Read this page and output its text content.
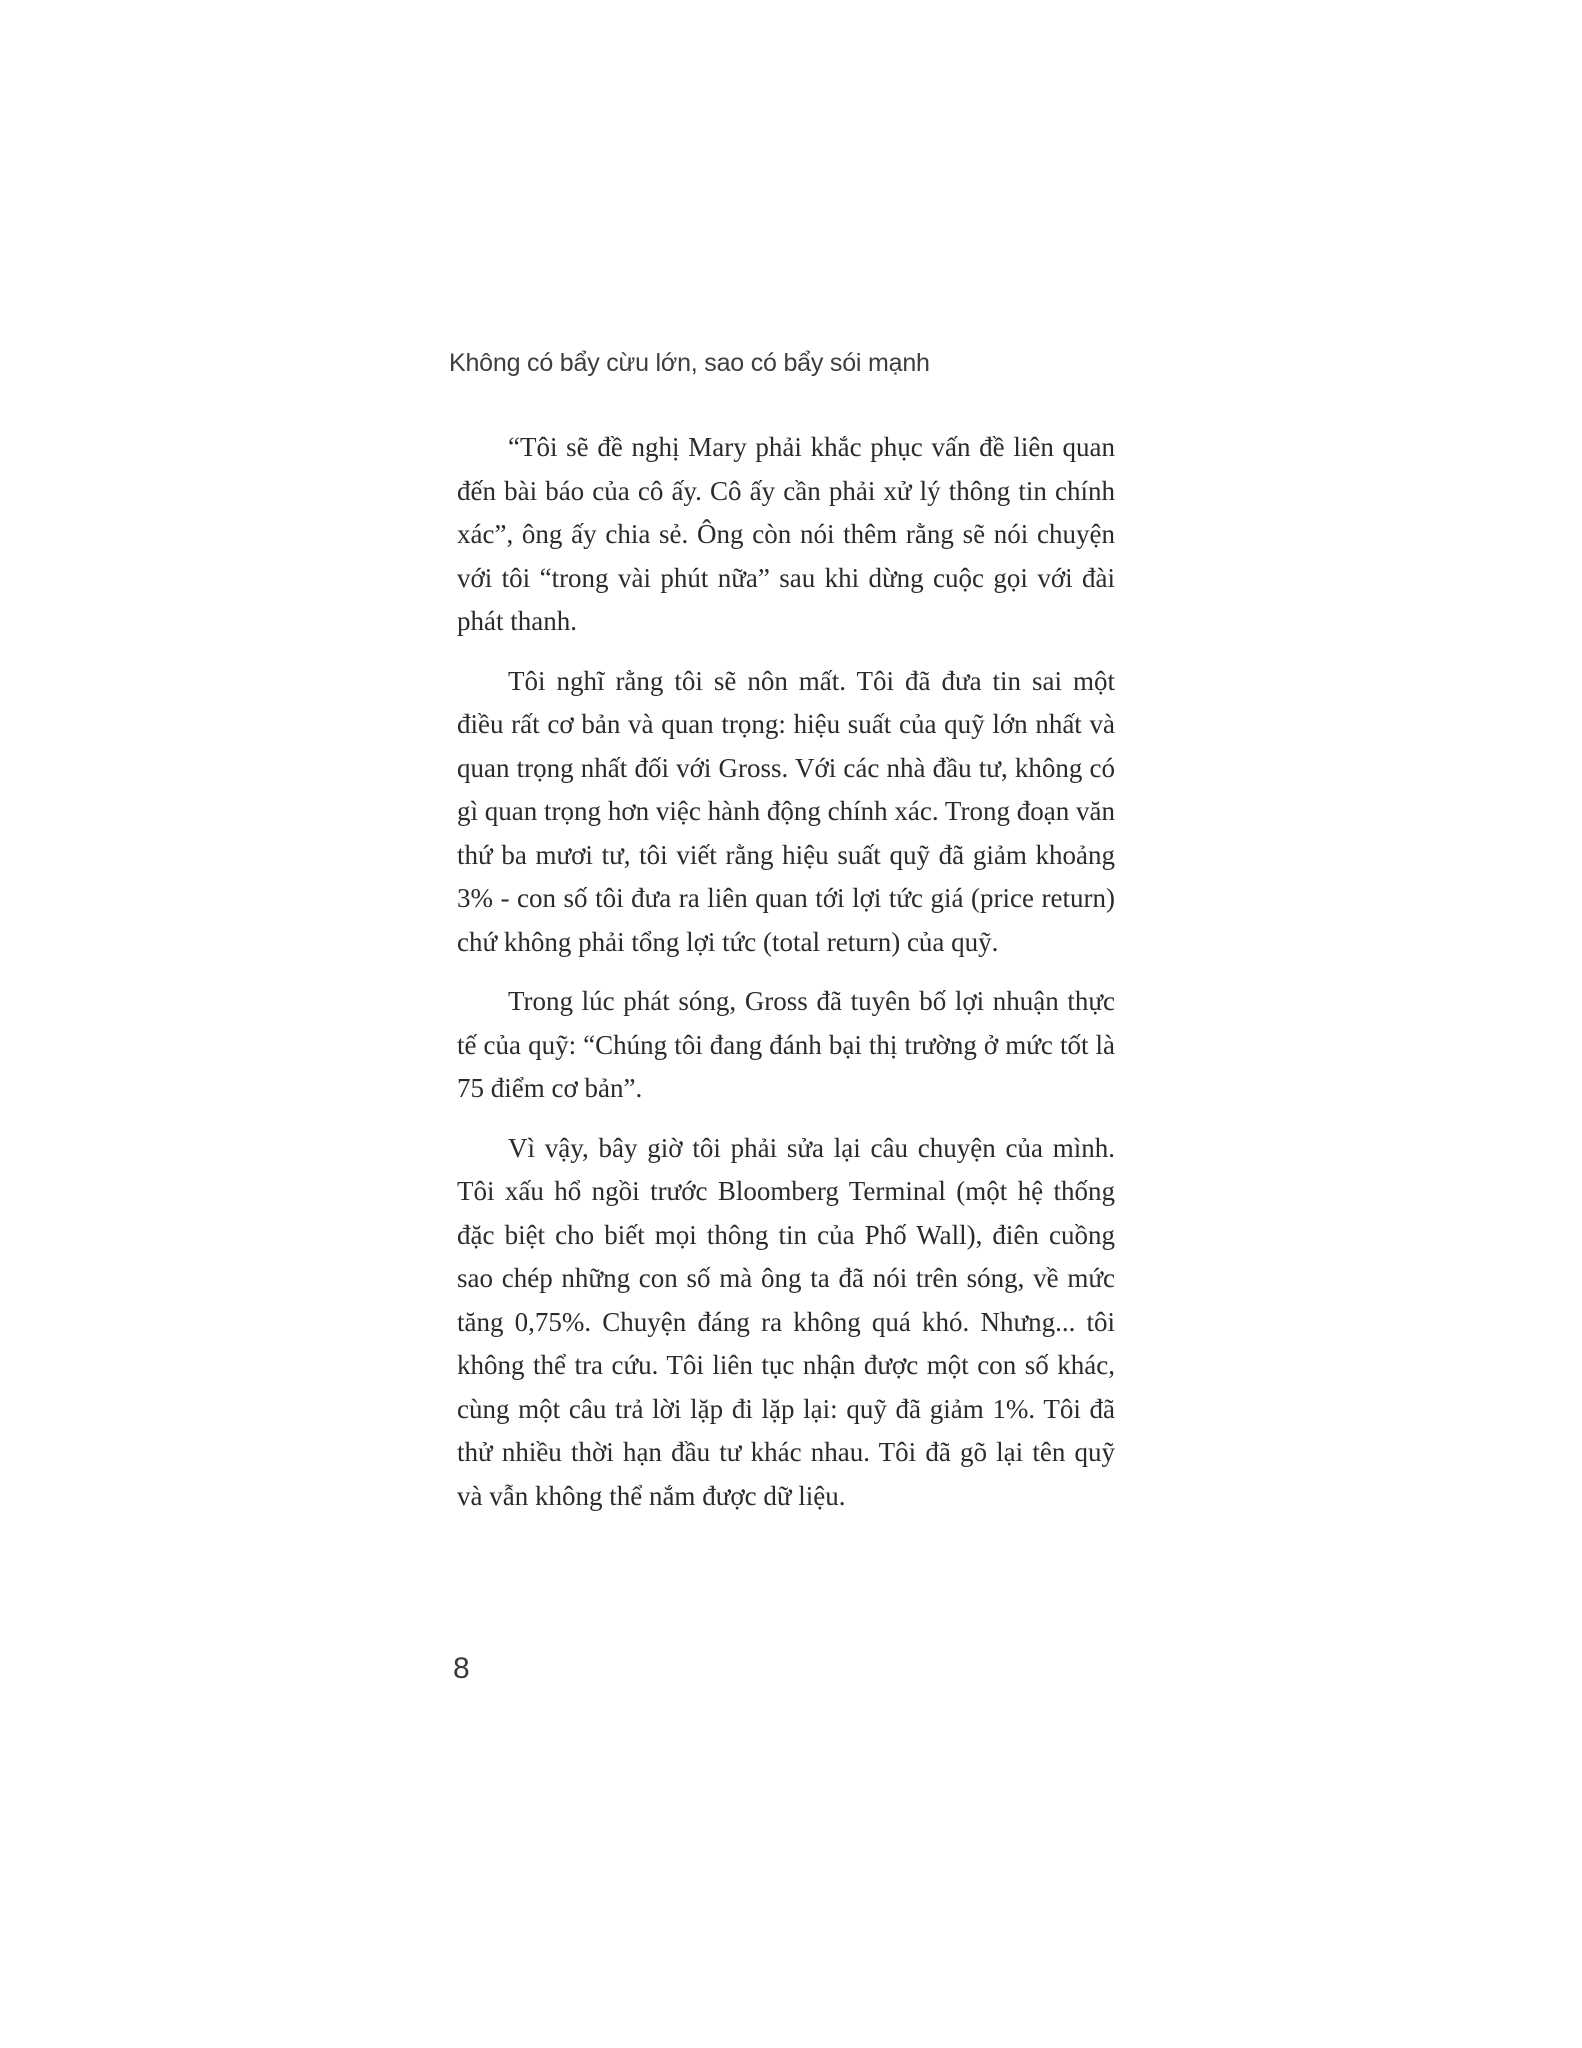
Không có bẩy cừu lớn, sao có bẩy sói mạnh

“Tôi sẽ đề nghị Mary phải khắc phục vấn đề liên quan đến bài báo của cô ấy. Cô ấy cần phải xử lý thông tin chính xác”, ông ấy chia sẻ. Ông còn nói thêm rằng sẽ nói chuyện với tôi “trong vài phút nữa” sau khi dừng cuộc gọi với đài phát thanh.

Tôi nghĩ rằng tôi sẽ nôn mất. Tôi đã đưa tin sai một điều rất cơ bản và quan trọng: hiệu suất của quỹ lớn nhất và quan trọng nhất đối với Gross. Với các nhà đầu tư, không có gì quan trọng hơn việc hành động chính xác. Trong đoạn văn thứ ba mươi tư, tôi viết rằng hiệu suất quỹ đã giảm khoảng 3% - con số tôi đưa ra liên quan tới lợi tức giá (price return) chứ không phải tổng lợi tức (total return) của quỹ.

Trong lúc phát sóng, Gross đã tuyên bố lợi nhuận thực tế của quỹ: “Chúng tôi đang đánh bại thị trường ở mức tốt là 75 điểm cơ bản”.

Vì vậy, bây giờ tôi phải sửa lại câu chuyện của mình. Tôi xấu hổ ngồi trước Bloomberg Terminal (một hệ thống đặc biệt cho biết mọi thông tin của Phố Wall), điên cuồng sao chép những con số mà ông ta đã nói trên sóng, về mức tăng 0,75%. Chuyện đáng ra không quá khó. Nhưng... tôi không thể tra cứu. Tôi liên tục nhận được một con số khác, cùng một câu trả lời lặp đi lặp lại: quỹ đã giảm 1%. Tôi đã thử nhiều thời hạn đầu tư khác nhau. Tôi đã gõ lại tên quỹ và vẫn không thể nắm được dữ liệu.

8
